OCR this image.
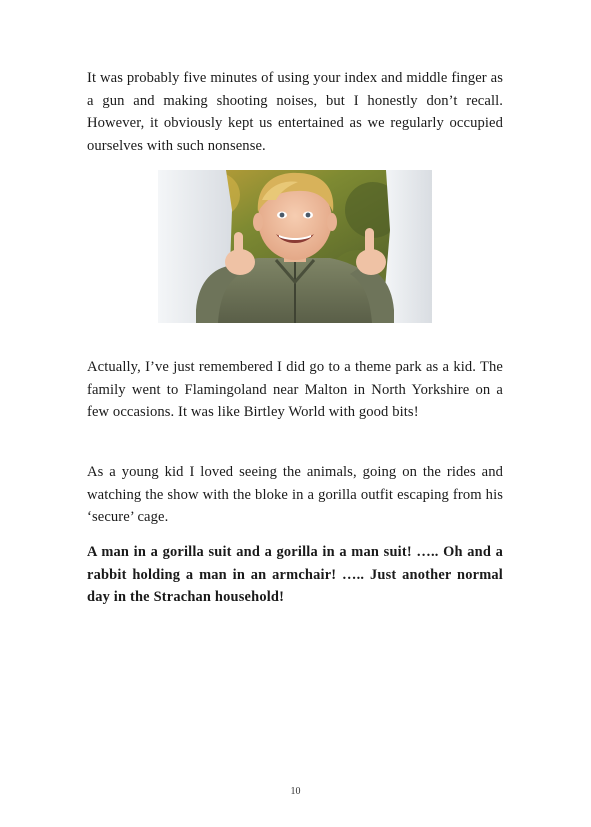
It was probably five minutes of using your index and middle finger as a gun and making shooting noises, but I honestly don’t recall. However, it obviously kept us entertained as we regularly occupied ourselves with such nonsense.

Actually, I’ve just remembered I did go to a theme park as a kid. The family went to Flamingoland near Malton in North Yorkshire on a few occasions. It was like Birtley World with good bits!

As a young kid I loved seeing the animals, going on the rides and watching the show with the bloke in a gorilla outfit escaping from his ‘secure’ cage.

A man in a gorilla suit and a gorilla in a man suit! ….. Oh and a rabbit holding a man in an armchair! ….. Just another normal day in the Strachan household!

10
